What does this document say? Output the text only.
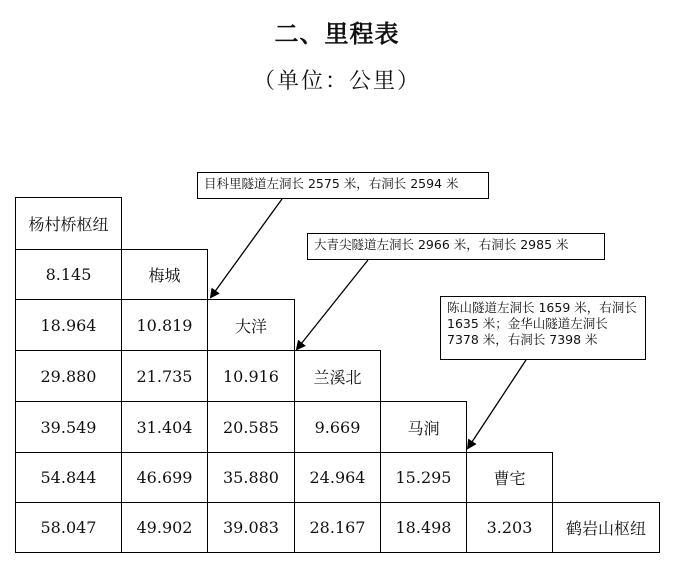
二、里程表
（单位：公里）
杨村桥枢纽
8.145	梅城
18.964	10.819	大洋
29.880	21.735	10.916	兰溪北
39.549	31.404	20.585	9.669	马涧
54.844	46.699	35.880	24.964	15.295	曹宅
58.047	49.902	39.083	28.167	18.498	3.203	鹤岩山枢纽
目科里隧道左洞长 2575 米，右洞长 2594 米
大青尖隧道左洞长 2966 米，右洞长 2985 米
陈山隧道左洞长 1659 米，右洞长 1635 米；金华山隧道左洞长 7378 米，右洞长 7398 米
